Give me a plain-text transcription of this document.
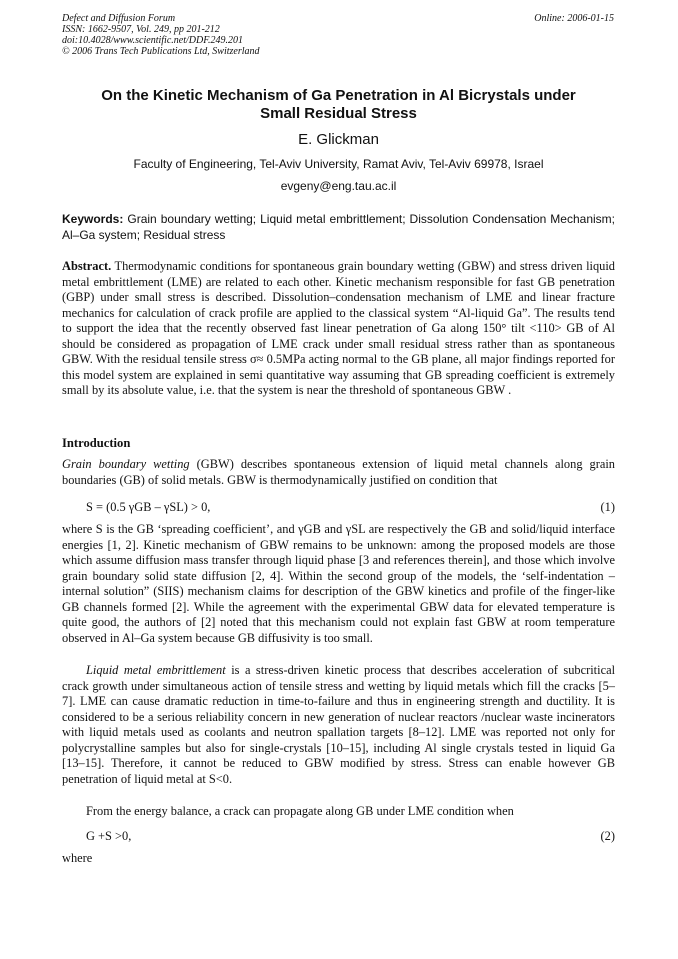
Defect and Diffusion Forum
ISSN: 1662-9507, Vol. 249, pp 201-212
doi:10.4028/www.scientific.net/DDF.249.201
© 2006 Trans Tech Publications Ltd, Switzerland
Online: 2006-01-15
On the Kinetic Mechanism of Ga Penetration in Al Bicrystals under
Small Residual Stress
E. Glickman
Faculty of Engineering, Tel-Aviv University, Ramat Aviv, Tel-Aviv 69978, Israel
evgeny@eng.tau.ac.il
Keywords: Grain boundary wetting; Liquid metal embrittlement; Dissolution Condensation Mechanism; Al–Ga system; Residual stress
Abstract. Thermodynamic conditions for spontaneous grain boundary wetting (GBW) and stress driven liquid metal embrittlement (LME) are related to each other. Kinetic mechanism responsible for fast GB penetration (GBP) under small stress is described. Dissolution–condensation mechanism of LME and linear fracture mechanics for calculation of crack profile are applied to the classical system “Al-liquid Ga”. The results tend to support the idea that the recently observed fast linear penetration of Ga along 150° tilt <110> GB of Al should be considered as propagation of LME crack under small residual stress rather than as spontaneous GBW. With the residual tensile stress σ≈ 0.5MPa acting normal to the GB plane, all major findings reported for this model system are explained in semi quantitative way assuming that GB spreading coefficient is extremely small by its absolute value, i.e. that the system is near the threshold of spontaneous GBW .
Introduction
Grain boundary wetting (GBW) describes spontaneous extension of liquid metal channels along grain boundaries (GB) of solid metals. GBW is thermodynamically justified on condition that
S = (0.5 γGB – γSL) > 0,	(1)
where S is the GB ‘spreading coefficient’, and γGB and γSL are respectively the GB and solid/liquid interface energies [1, 2]. Kinetic mechanism of GBW remains to be unknown: among the proposed models are those which assume diffusion mass transfer through liquid phase [3 and references therein], and those which involve grain boundary solid state diffusion [2, 4]. Within the second group of the models, the ‘self-indentation – internal solution” (SIIS) mechanism claims for description of the GBW kinetics and profile of the finger-like GB channels formed [2]. While the agreement with the experimental GBW data for elevated temperature is quite good, the authors of [2] noted that this mechanism could not explain fast GBW at room temperature observed in Al–Ga system because GB diffusivity is too small.
Liquid metal embrittlement is a stress-driven kinetic process that describes acceleration of subcritical crack growth under simultaneous action of tensile stress and wetting by liquid metals which fill the cracks [5–7]. LME can cause dramatic reduction in time-to-failure and thus in engineering strength and ductility. It is considered to be a serious reliability concern in new generation of nuclear reactors /nuclear waste incinerators with liquid metals used as coolants and neutron spallation targets [8–12]. LME was reported not only for polycrystalline samples but also for single-crystals [10–15], including Al single crystals tested in liquid Ga [13–15]. Therefore, it cannot be reduced to GBW modified by stress. Stress can enable however GB penetration of liquid metal at S<0.
From the energy balance, a crack can propagate along GB under LME condition when
G +S >0,	(2)
where
